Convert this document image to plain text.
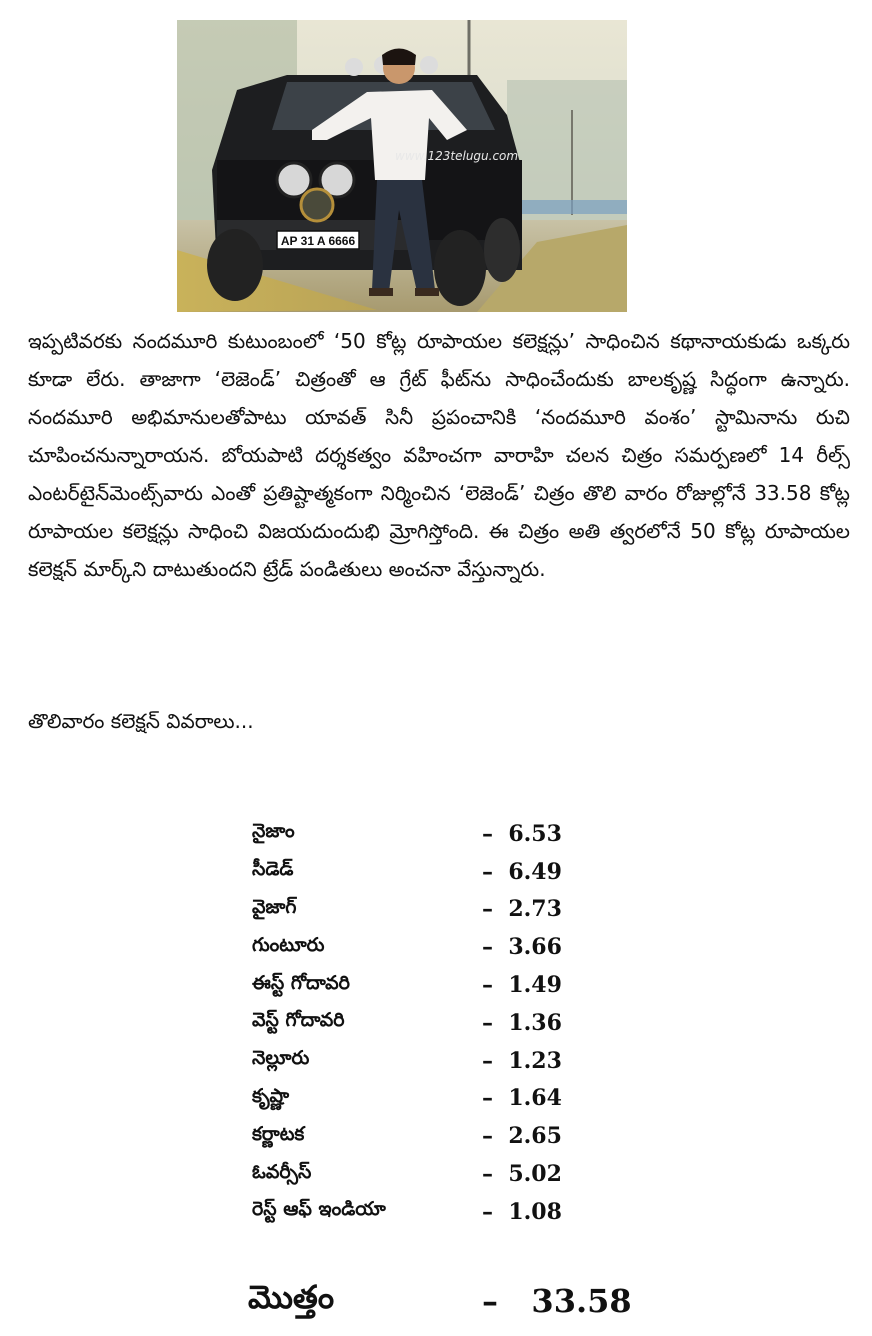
AP 31 A 6666
www.123telugu.com

ఇప్పటివరకు నందమూరి కుటుంబంలో ‘50 కోట్ల రూపాయల కలెక్షన్లు’ సాధించిన కథానాయకుడు ఒక్కరు కూడా లేరు. తాజాగా ‘లెజెండ్’ చిత్రంతో ఆ గ్రేట్ ఫీట్‌ను సాధించేందుకు బాలకృష్ణ సిద్ధంగా ఉన్నారు. నందమూరి అభిమానులతోపాటు యావత్ సినీ ప్రపంచానికి ‘నందమూరి వంశం’ స్టామినాను రుచి చూపించనున్నారాయన. బోయపాటి దర్శకత్వం వహించగా వారాహి చలన చిత్రం సమర్పణలో 14 రీల్స్ ఎంటర్‌టైన్‌మెంట్స్‌వారు ఎంతో ప్రతిష్టాత్మకంగా నిర్మించిన ‘లెజెండ్’ చిత్రం తొలి వారం రోజుల్లోనే 33.58 కోట్ల రూపాయల కలెక్షన్లు సాధించి విజయదుందుభి మ్రోగిస్తోంది. ఈ చిత్రం అతి త్వరలోనే 50 కోట్ల రూపాయల కలెక్షన్ మార్క్‌ని దాటుతుందని ట్రేడ్ పండితులు అంచనా వేస్తున్నారు.

తొలివారం కలెక్షన్ వివరాలు...

నైజాం	– 6.53
సీడెడ్	– 6.49
వైజాగ్	– 2.73
గుంటూరు	– 3.66
ఈస్ట్ గోదావరి	– 1.49
వెస్ట్ గోదావరి	– 1.36
నెల్లూరు	– 1.23
కృష్ణా	– 1.64
కర్ణాటక	– 2.65
ఓవర్సీస్	– 5.02
రెస్ట్ ఆఫ్ ఇండియా	– 1.08
మొత్తం	– 33.58
